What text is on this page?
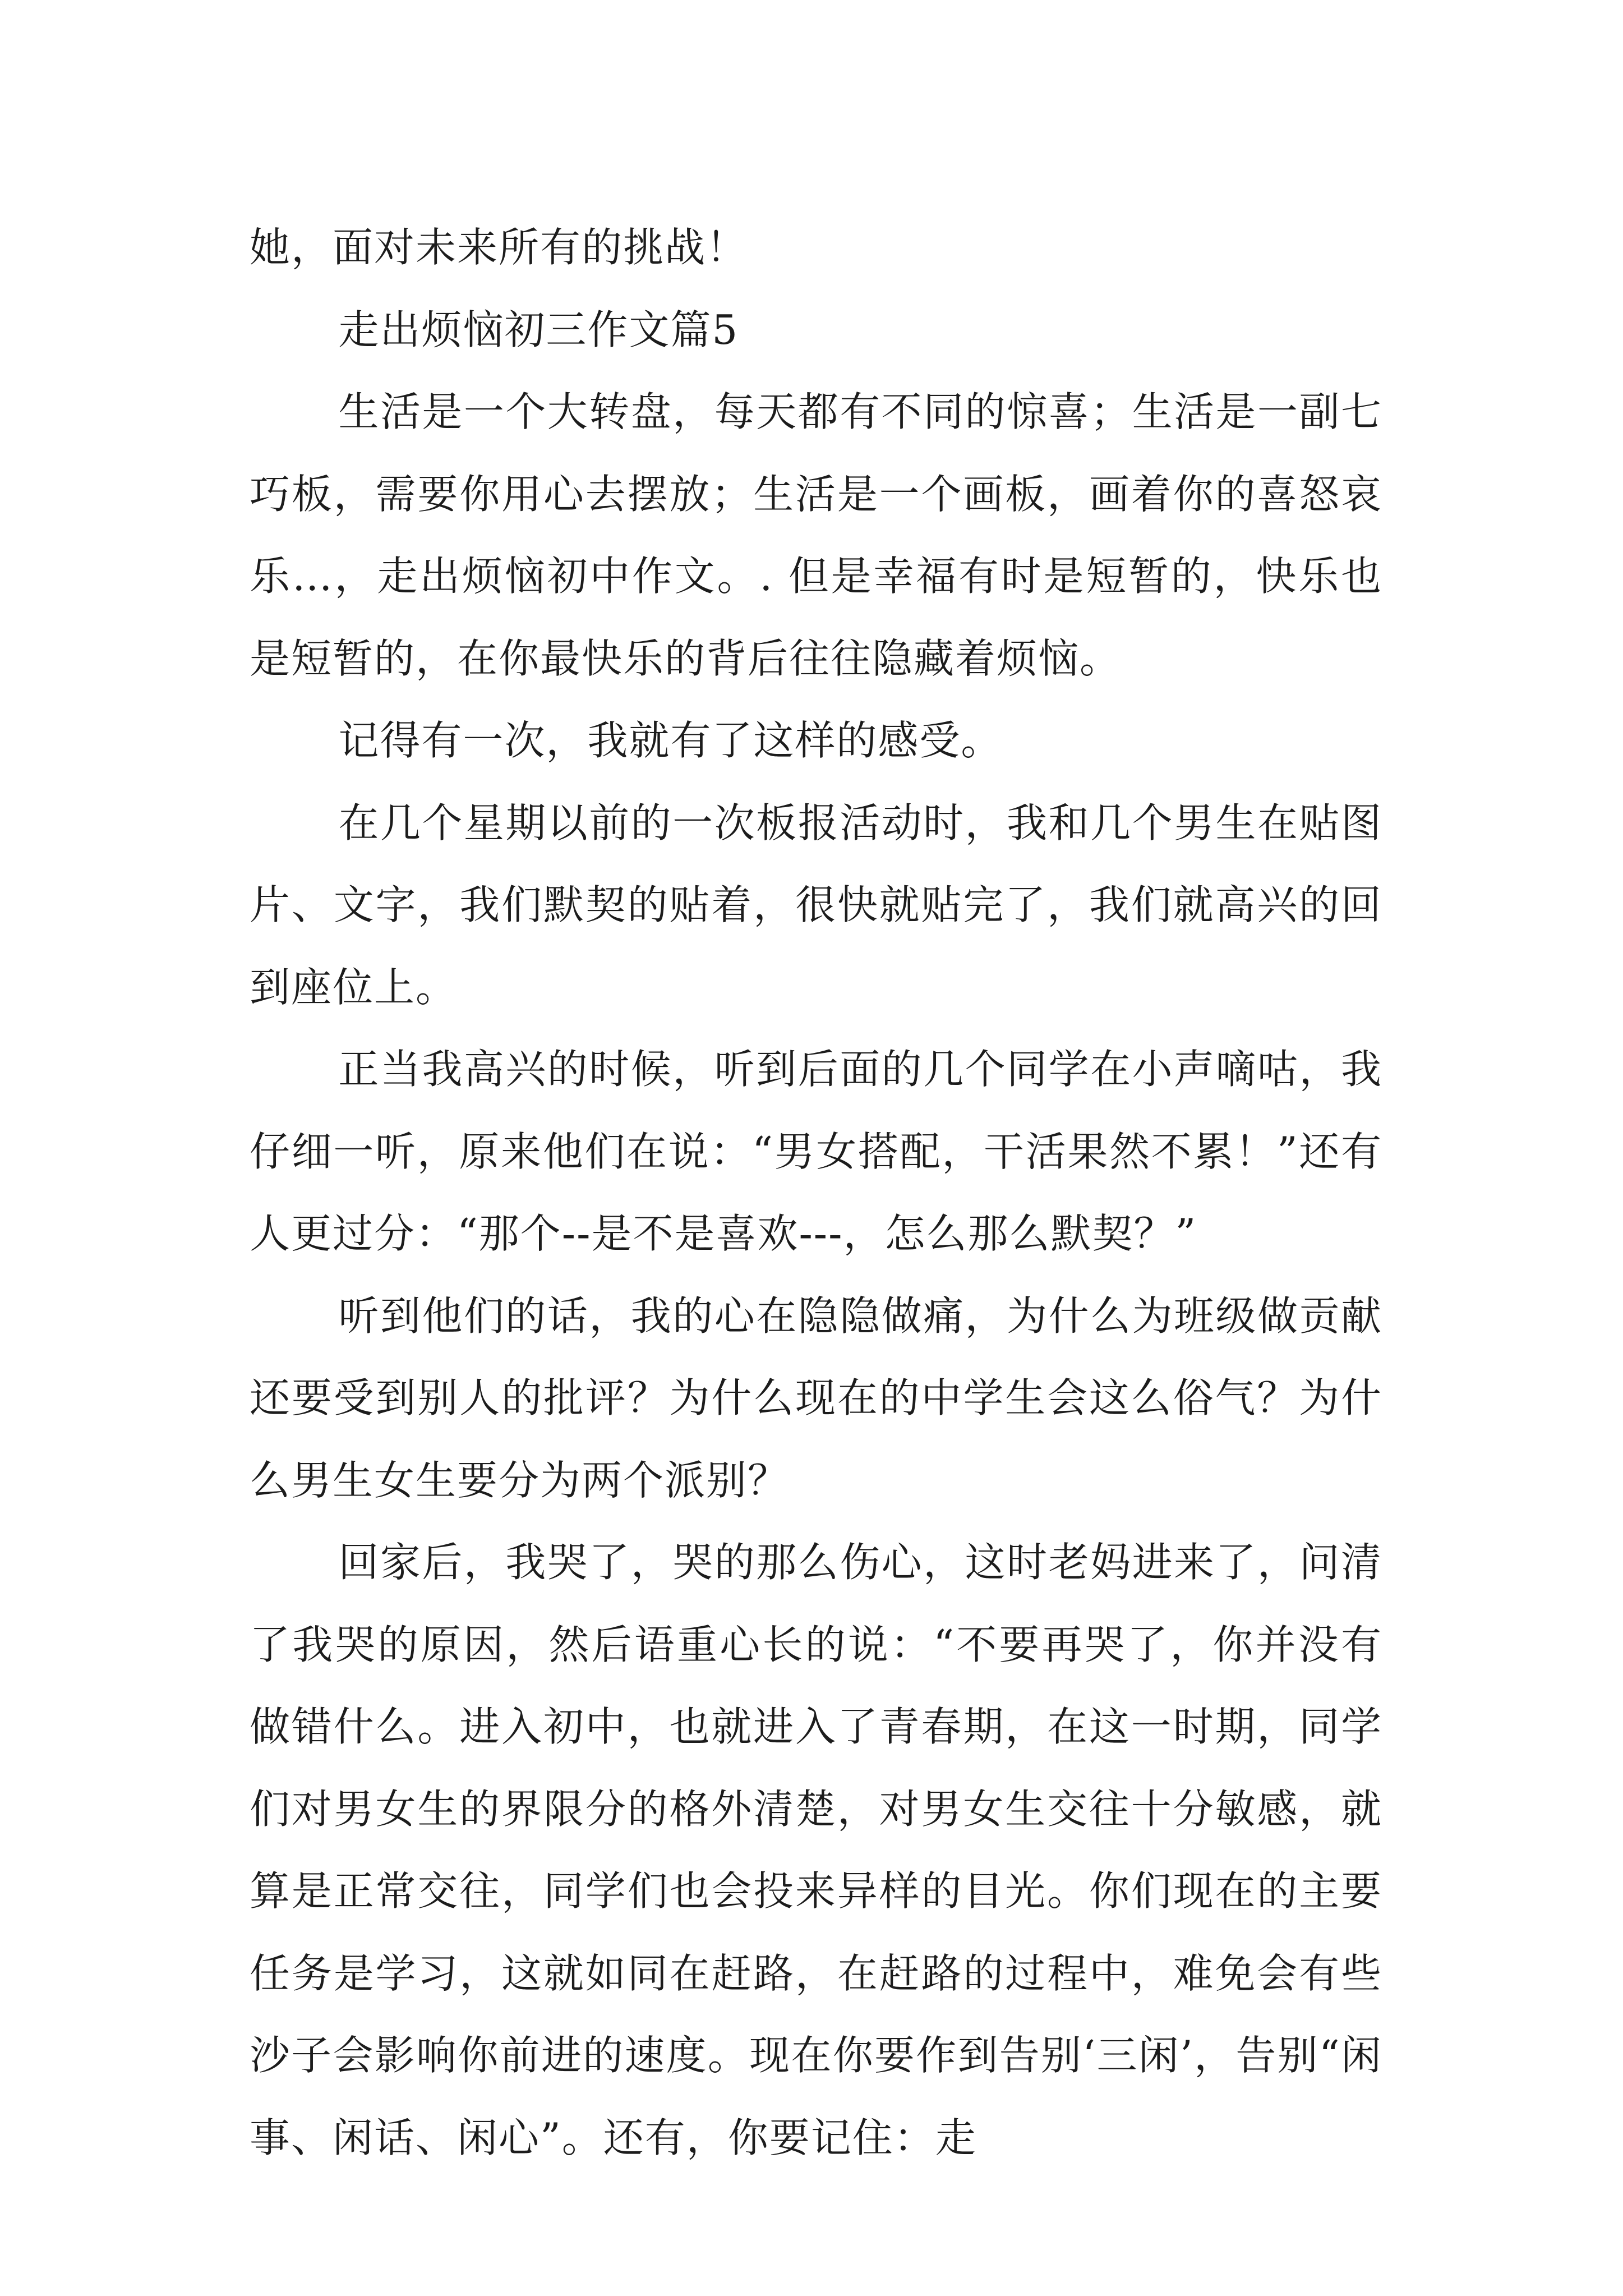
她，面对未来所有的挑战！

走出烦恼初三作文篇5

生活是一个大转盘，每天都有不同的惊喜；生活是一副七巧板，需要你用心去摆放；生活是一个画板，画着你的喜怒哀乐…，走出烦恼初中作文。. 但是幸福有时是短暂的，快乐也是短暂的，在你最快乐的背后往往隐藏着烦恼。

记得有一次，我就有了这样的感受。

在几个星期以前的一次板报活动时，我和几个男生在贴图片、文字，我们默契的贴着，很快就贴完了，我们就高兴的回到座位上。

正当我高兴的时候，听到后面的几个同学在小声嘀咕，我仔细一听，原来他们在说：“男女搭配，干活果然不累！”还有人更过分：“那个--是不是喜欢---，怎么那么默契？”

听到他们的话，我的心在隐隐做痛，为什么为班级做贡献还要受到别人的批评？为什么现在的中学生会这么俗气？为什么男生女生要分为两个派别？

回家后，我哭了，哭的那么伤心，这时老妈进来了，问清了我哭的原因，然后语重心长的说：“不要再哭了，你并没有做错什么。进入初中，也就进入了青春期，在这一时期，同学们对男女生的界限分的格外清楚，对男女生交往十分敏感，就算是正常交往，同学们也会投来异样的目光。你们现在的主要任务是学习，这就如同在赶路，在赶路的过程中，难免会有些沙子会影响你前进的速度。现在你要作到告别‘三闲’，告别“闲事、闲话、闲心”。还有，你要记住：走
